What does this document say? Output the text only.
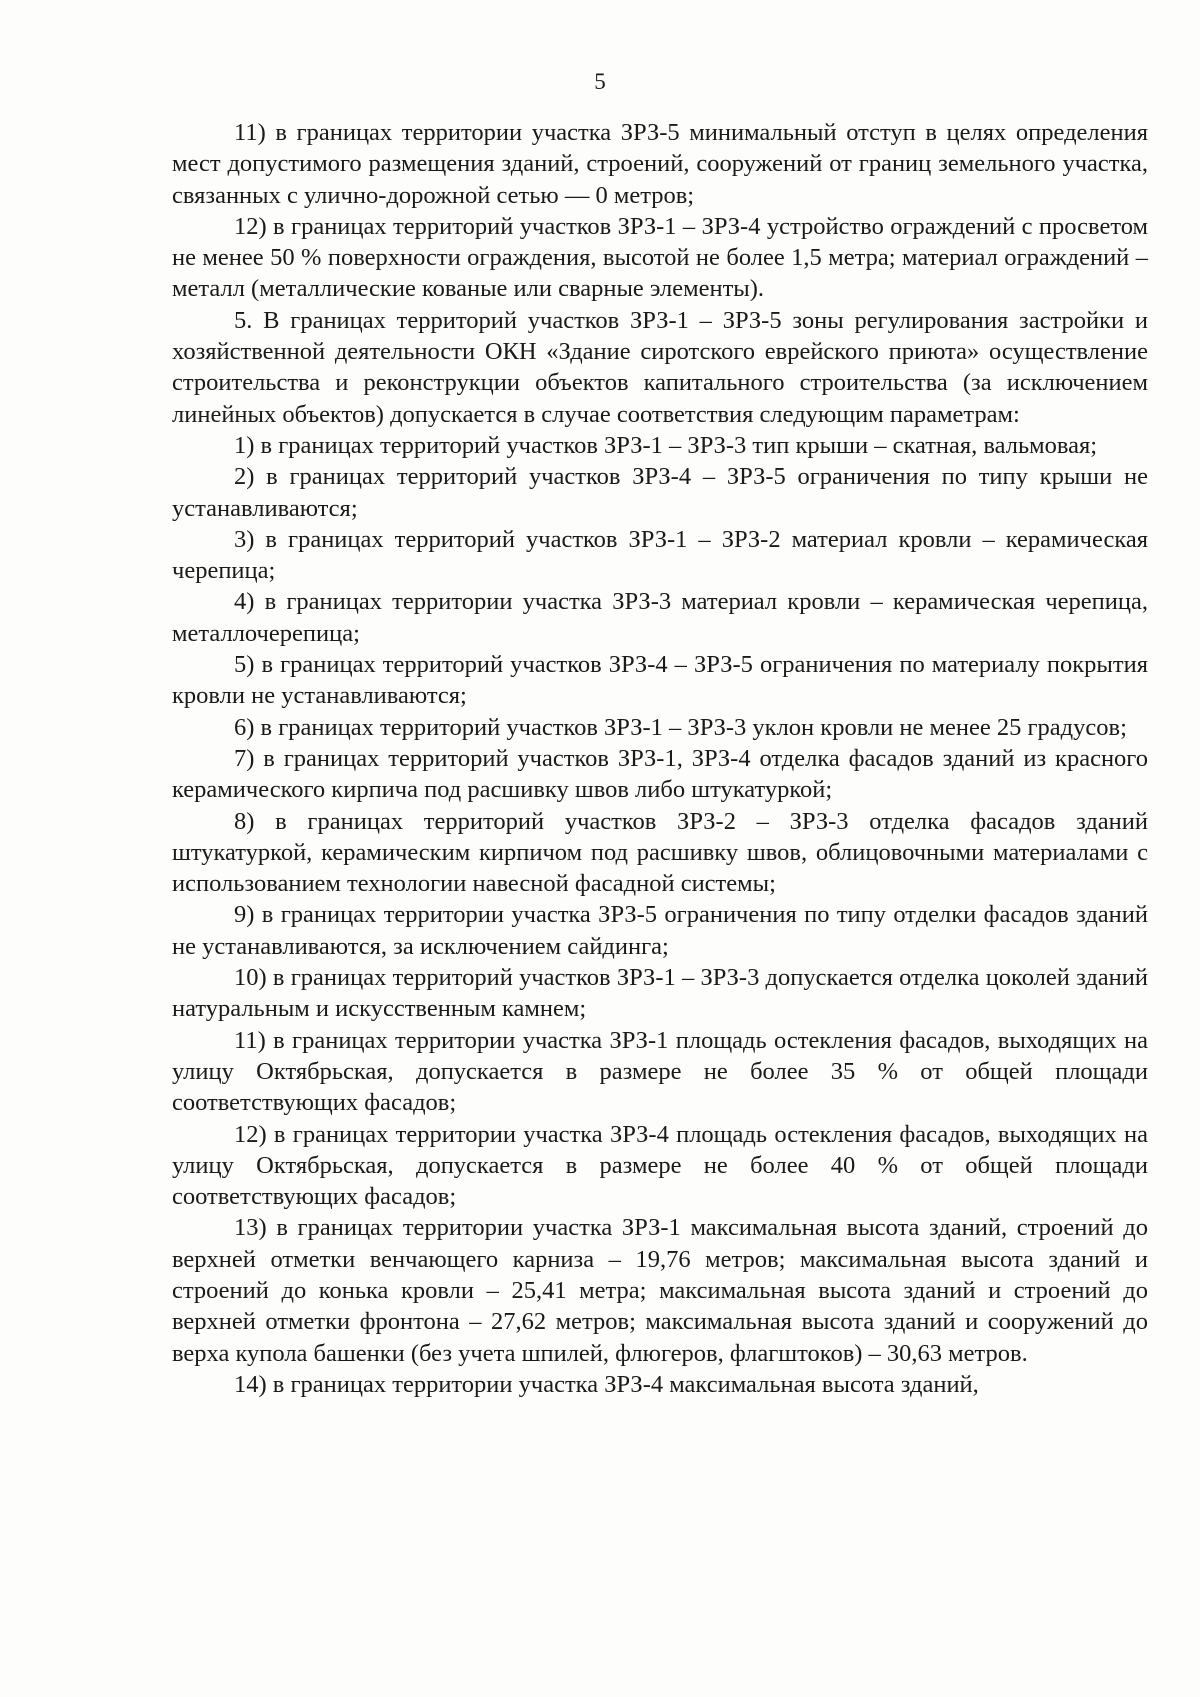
5

11) в границах территории участка ЗРЗ-5 минимальный отступ в целях определения мест допустимого размещения зданий, строений, сооружений от границ земельного участка, связанных с улично-дорожной сетью — 0 метров;

12) в границах территорий участков ЗРЗ-1 – ЗРЗ-4 устройство ограждений с просветом не менее 50 % поверхности ограждения, высотой не более 1,5 метра; материал ограждений – металл (металлические кованые или сварные элементы).

5. В границах территорий участков ЗРЗ-1 – ЗРЗ-5 зоны регулирования застройки и хозяйственной деятельности ОКН «Здание сиротского еврейского приюта» осуществление строительства и реконструкции объектов капитального строительства (за исключением линейных объектов) допускается в случае соответствия следующим параметрам:

1) в границах территорий участков ЗРЗ-1 – ЗРЗ-3 тип крыши – скатная, вальмовая;

2) в границах территорий участков ЗРЗ-4 – ЗРЗ-5 ограничения по типу крыши не устанавливаются;

3) в границах территорий участков ЗРЗ-1 – ЗРЗ-2 материал кровли – керамическая черепица;

4) в границах территории участка ЗРЗ-3 материал кровли – керамическая черепица, металлочерепица;

5) в границах территорий участков ЗРЗ-4 – ЗРЗ-5 ограничения по материалу покрытия кровли не устанавливаются;

6) в границах территорий участков ЗРЗ-1 – ЗРЗ-3 уклон кровли не менее 25 градусов;

7) в границах территорий участков ЗРЗ-1, ЗРЗ-4 отделка фасадов зданий из красного керамического кирпича под расшивку швов либо штукатуркой;

8) в границах территорий участков ЗРЗ-2 – ЗРЗ-3 отделка фасадов зданий штукатуркой, керамическим кирпичом под расшивку швов, облицовочными материалами с использованием технологии навесной фасадной системы;

9) в границах территории участка ЗРЗ-5 ограничения по типу отделки фасадов зданий не устанавливаются, за исключением сайдинга;

10) в границах территорий участков ЗРЗ-1 – ЗРЗ-3 допускается отделка цоколей зданий натуральным и искусственным камнем;

11) в границах территории участка ЗРЗ-1 площадь остекления фасадов, выходящих на улицу Октябрьская, допускается в размере не более 35 % от общей площади соответствующих фасадов;

12) в границах территории участка ЗРЗ-4 площадь остекления фасадов, выходящих на улицу Октябрьская, допускается в размере не более 40 % от общей площади соответствующих фасадов;

13) в границах территории участка ЗРЗ-1 максимальная высота зданий, строений до верхней отметки венчающего карниза – 19,76 метров; максимальная высота зданий и строений до конька кровли – 25,41 метра; максимальная высота зданий и строений до верхней отметки фронтона – 27,62 метров; максимальная высота зданий и сооружений до верха купола башенки (без учета шпилей, флюгеров, флагштоков) – 30,63 метров.

14) в границах территории участка ЗРЗ-4 максимальная высота зданий,
